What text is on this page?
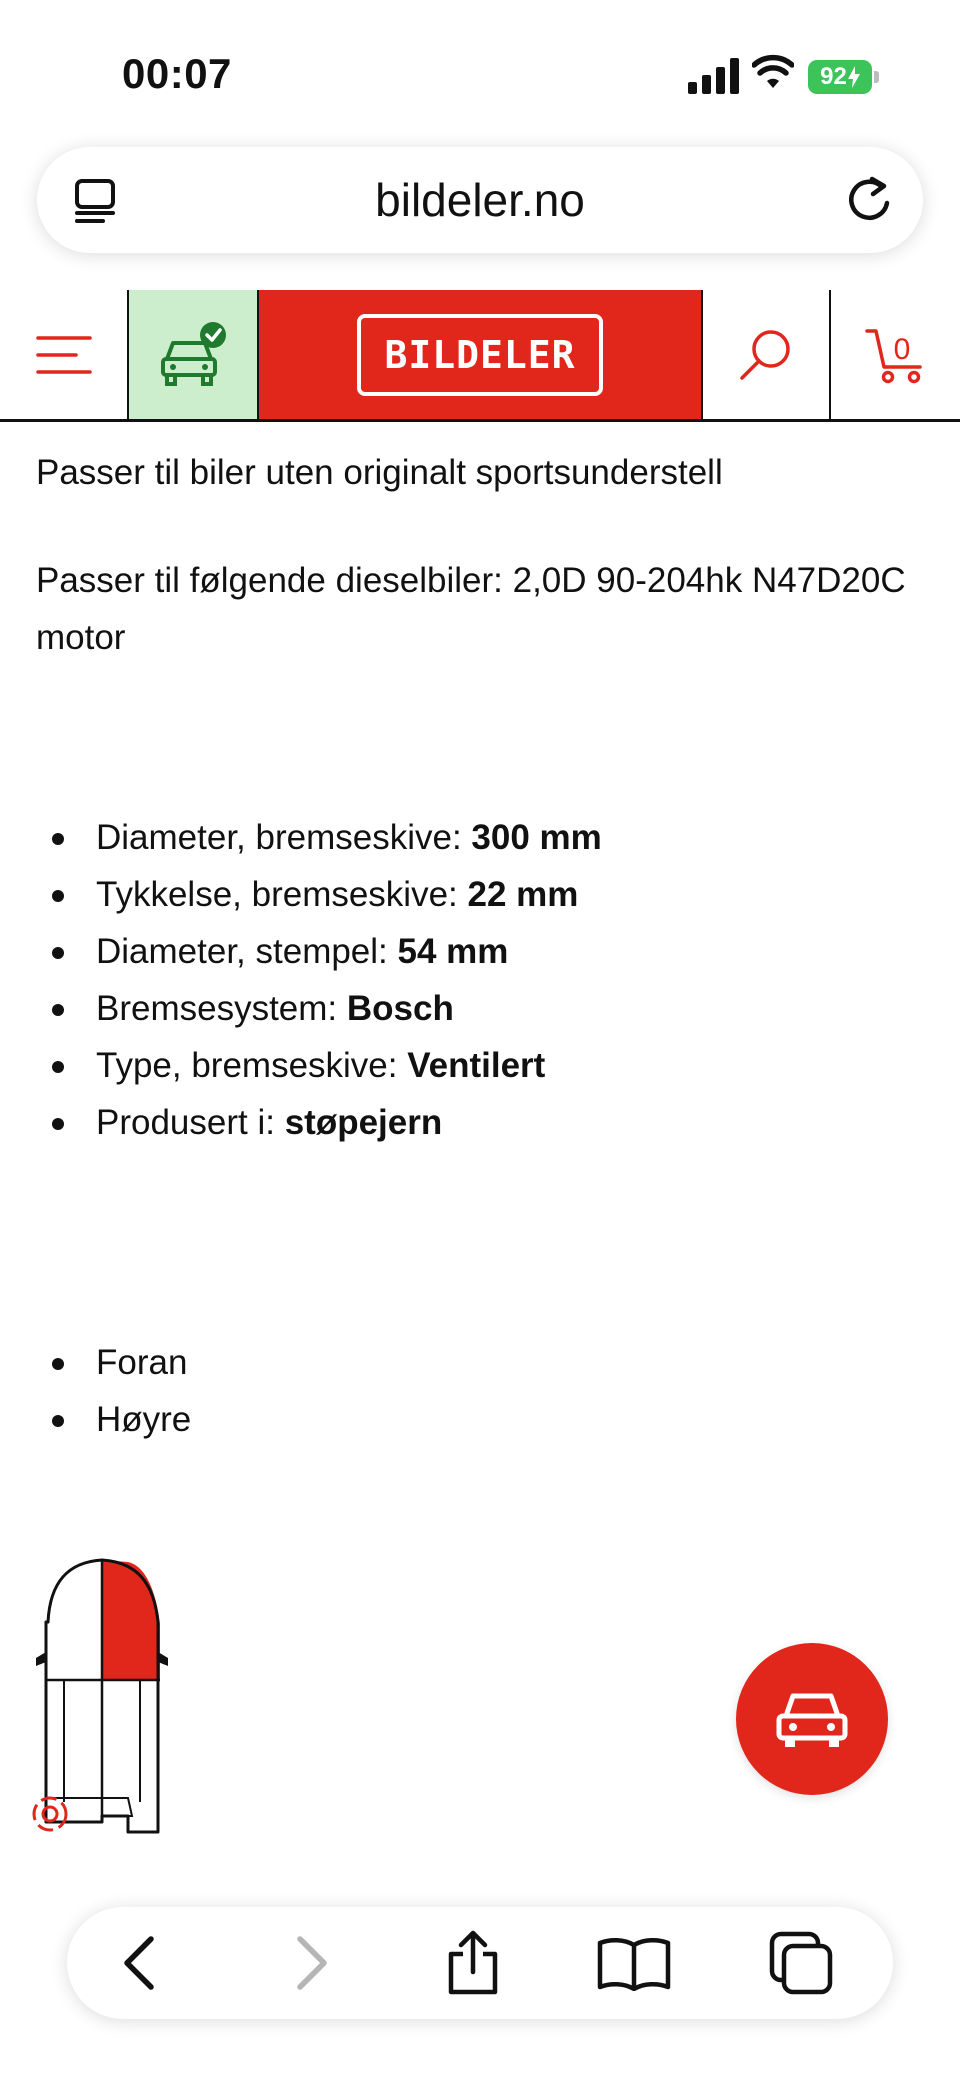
00:07	92
bildeler.no
BILDELER	0
Passer til biler uten originalt sportsunderstell
Passer til følgende dieselbiler: 2,0D 90-204hk N47D20C motor
Diameter, bremseskive: 300 mm
Tykkelse, bremseskive: 22 mm
Diameter, stempel: 54 mm
Bremsesystem: Bosch
Type, bremseskive: Ventilert
Produsert i: støpejern
Foran
Høyre
